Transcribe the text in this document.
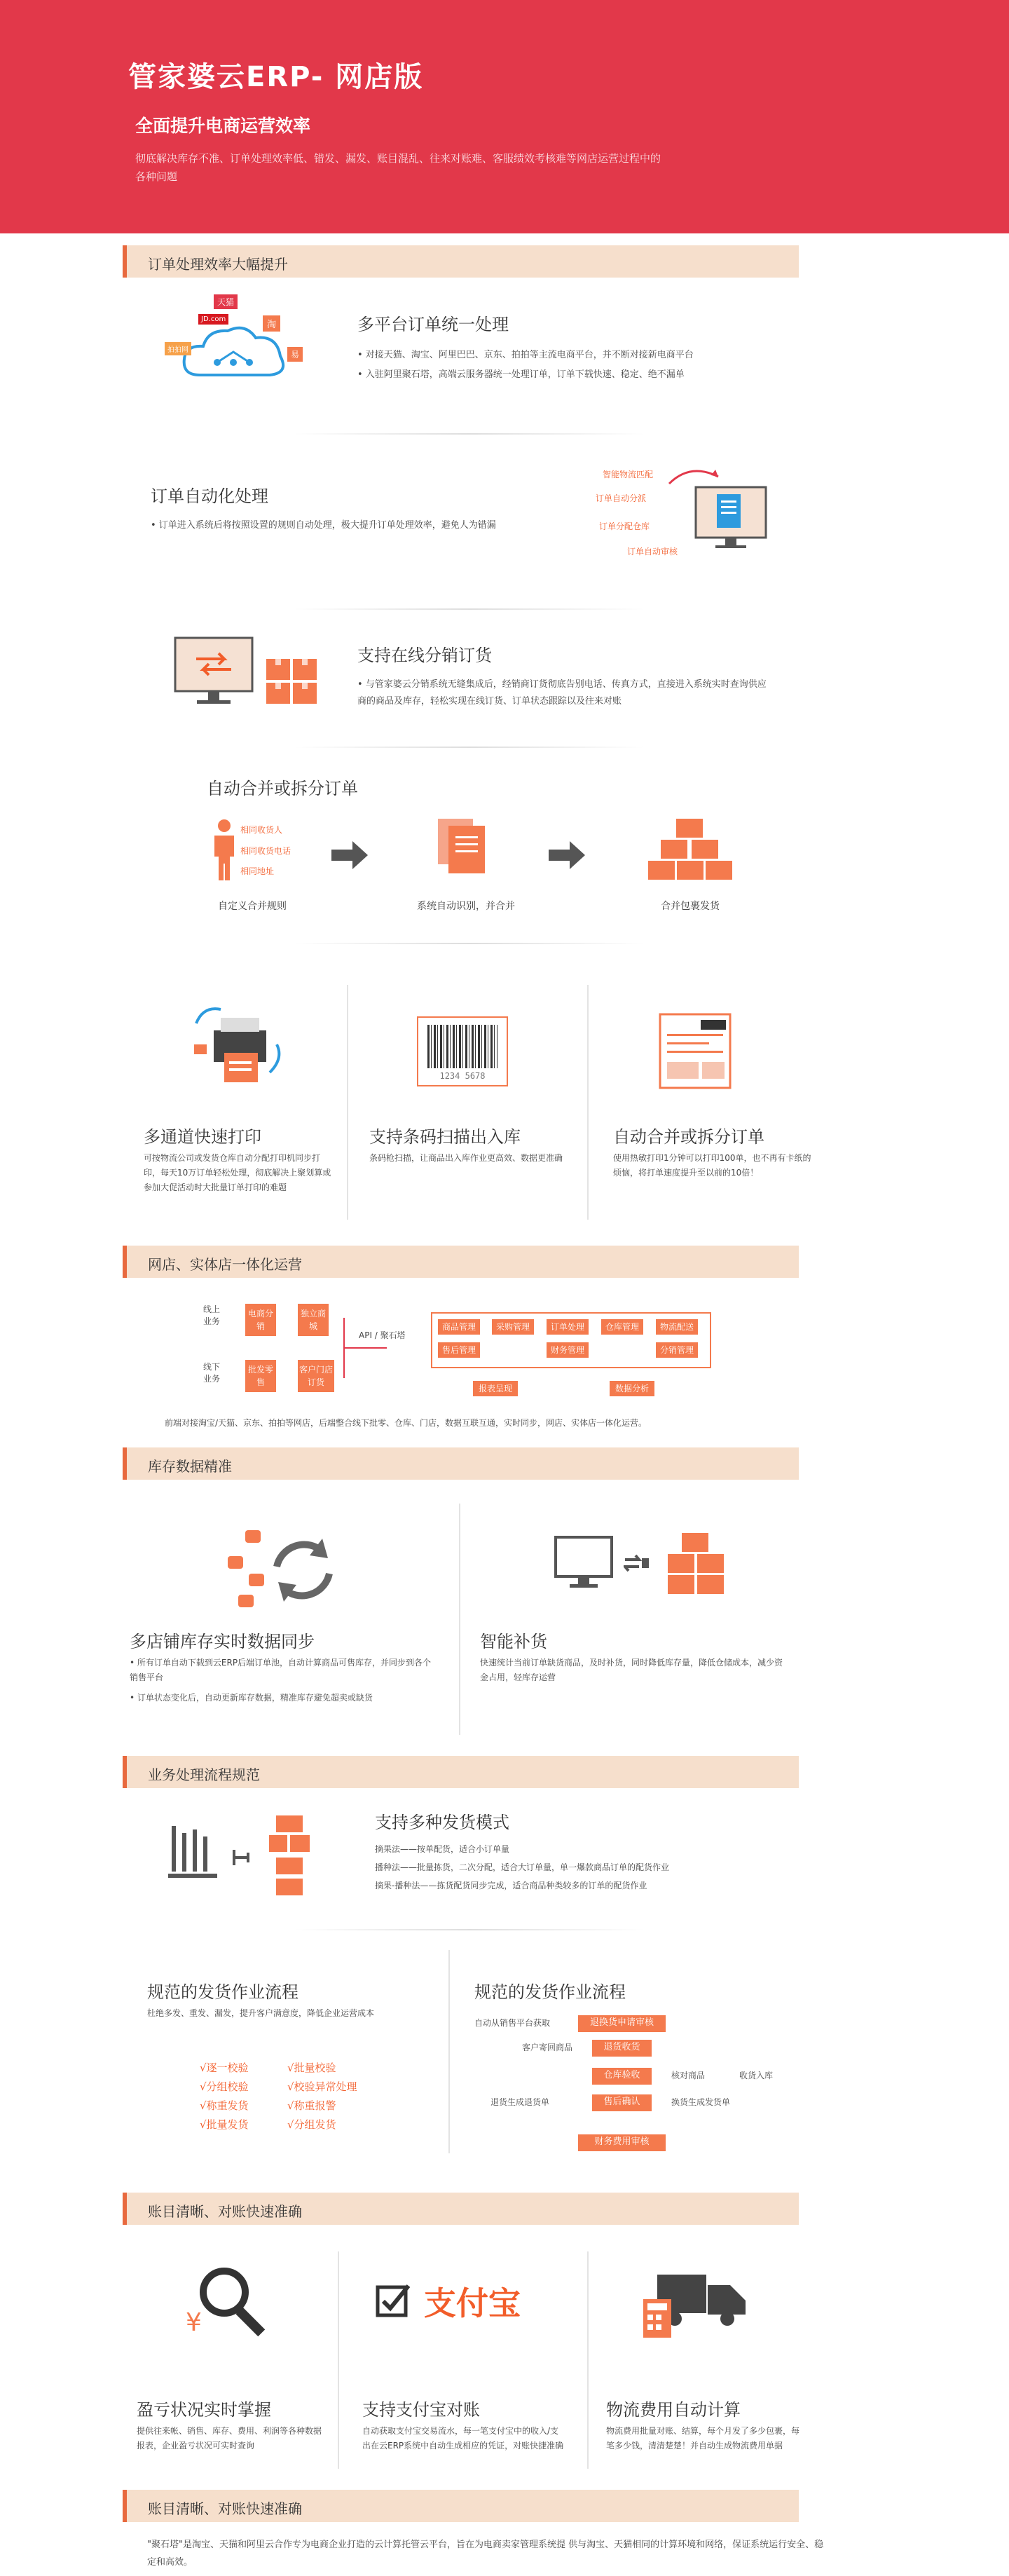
管家婆云ERP- 网店版
全面提升电商运营效率
彻底解决库存不准、订单处理效率低、错发、漏发、账目混乱、往来对账难、客服绩效考核难等网店运营过程中的各种问题
订单处理效率大幅提升
天猫
JD.com
淘
拍拍网	易
多平台订单统一处理
• 对接天猫、淘宝、阿里巴巴、京东、拍拍等主流电商平台，并不断对接新电商平台
• 入驻阿里聚石塔，高端云服务器统一处理订单，订单下载快速、稳定、绝不漏单
订单自动化处理
• 订单进入系统后将按照设置的规则自动处理，极大提升订单处理效率，避免人为错漏
智能物流匹配
订单自动分派
订单分配仓库
订单自动审核
支持在线分销订货
• 与管家婆云分销系统无缝集成后，经销商订货彻底告别电话、传真方式，直接进入系统实时查询供应商的商品及库存，轻松实现在线订货、订单状态跟踪以及往来对账
自动合并或拆分订单
相同收货人
相同收货电话
相同地址
自定义合并规则	系统自动识别，并合并	合并包裹发货
1234 5678
多通道快速打印
可按物流公司或发货仓库自动分配打印机同步打印，每天10万订单轻松处理，彻底解决上聚划算或参加大促活动时大批量订单打印的难题
支持条码扫描出入库
条码枪扫描，让商品出入库作业更高效、数据更准确
自动合并或拆分订单
使用热敏打印1分钟可以打印100单，也不再有卡纸的烦恼，将打单速度提升至以前的10倍！
网店、实体店一体化运营
线上业务
线下业务
电商分销
独立商城
批发零售
客户门店订货
API / 聚石塔
商品管理	采购管理	订单处理	仓库管理	物流配送
售后管理	财务管理	分销管理
报表呈现	数据分析
前端对接淘宝/天猫、京东、拍拍等网店，后端整合线下批零、仓库、门店，数据互联互通，实时同步，网店、实体店一体化运营。
库存数据精准
多店铺库存实时数据同步
• 所有订单自动下载到云ERP后端订单池，自动计算商品可售库存，并同步到各个销售平台
• 订单状态变化后，自动更新库存数据，精准库存避免超卖或缺货
智能补货
快速统计当前订单缺货商品，及时补货，同时降低库存量，降低仓储成本，减少资金占用，轻库存运营
业务处理流程规范
支持多种发货模式
摘果法——按单配货，适合小订单量
播种法——批量拣货，二次分配，适合大订单量，单一爆款商品订单的配货作业
摘果-播种法——拣货配货同步完成，适合商品种类较多的订单的配货作业
规范的发货作业流程
杜绝多发、重发、漏发，提升客户满意度，降低企业运营成本
√逐一校验
√分组校验
√称重发货
√批量发货
√批量校验
√校验异常处理
√称重报警
√分组发货
规范的发货作业流程
退换货申请审核
退货收货
仓库验收
售后确认
财务费用审核
自动从销售平台获取
客户寄回商品
退货生成退货单
核对商品	收货入库
换货生成发货单
账目清晰、对账快速准确
¥
支付宝
盈亏状况实时掌握
提供往来帐、销售、库存、费用、利润等各种数据报表，企业盈亏状况可实时查询
支持支付宝对账
自动获取支付宝交易流水，每一笔支付宝中的收入/支出在云ERP系统中自动生成相应的凭证，对账快捷准确
物流费用自动计算
物流费用批量对账、结算，每个月发了多少包裹，每笔多少钱，清清楚楚！并自动生成物流费用单据
账目清晰、对账快速准确
"聚石塔"是淘宝、天猫和阿里云合作专为电商企业打造的云计算托管云平台，旨在为电商卖家管理系统提 供与淘宝、天猫相同的计算环境和网络，保证系统运行安全、稳定和高效。
